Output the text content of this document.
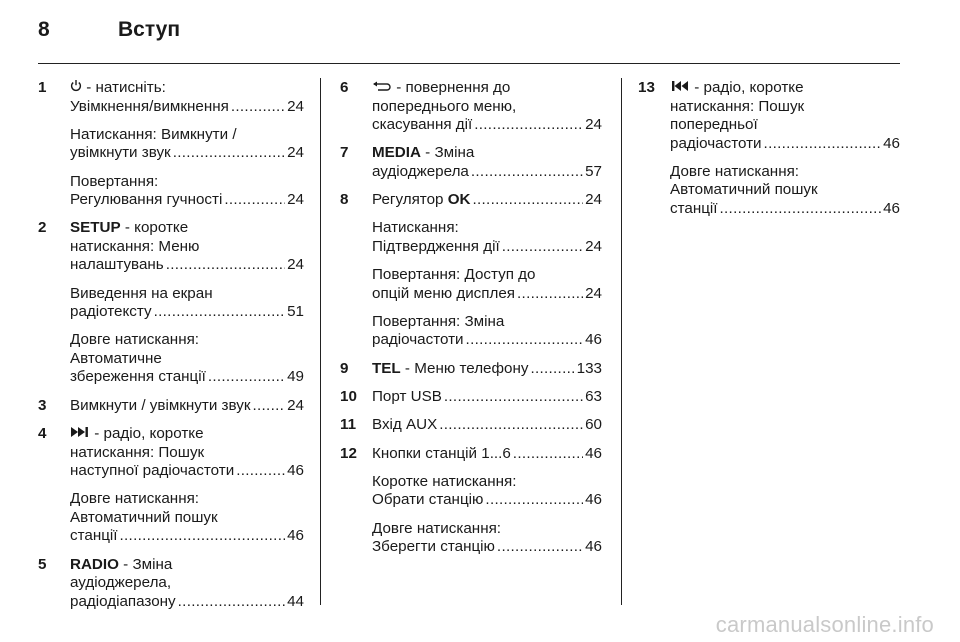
8	Вступ
1	- натисніть:
Увімкнення/вимкнення .....	24
Натискання: Вимкнути /
увімкнути звук .....	24
Повертання:
Регулювання гучності .....	24
2 SETUP - коротке
натискання: Меню
налаштувань .....	24
Виведення на екран
радіотексту .....	51
Довге натискання:
Автоматичне
збереження станції .....	49
3 Вимкнути / увімкнути звук ..... 24
4	- радіо, коротке
натискання: Пошук
наступної радіочастоти .....	46
Довге натискання:
Автоматичний пошук
станції .....	46
5 RADIO - Зміна
аудіоджерела,
радіодіапазону .....	44
6	- повернення до
попереднього меню,
скасування дії .....	24
7 MEDIA - Зміна
аудіоджерела .....	57
8 Регулятор
OK .....	24
Натискання:
Підтвердження дії .....	24
Повертання: Доступ до
опцій меню дисплея .....	24
Повертання: Зміна
радіочастоти .....	46
9 TEL
- Меню телефону .....	133
10 Порт USB .....	63
11 Вхід AUX .....	60
12 Кнопки станцій 1...6 .....	46
Коротке натискання:
Обрати станцію .....	46
Довге натискання:
Зберегти станцію .....	46
13	- радіо, коротке
натискання: Пошук
попередньої
радіочастоти .....	46
Довге натискання:
Автоматичний пошук
станції .....	46
carmanualsonline.info
